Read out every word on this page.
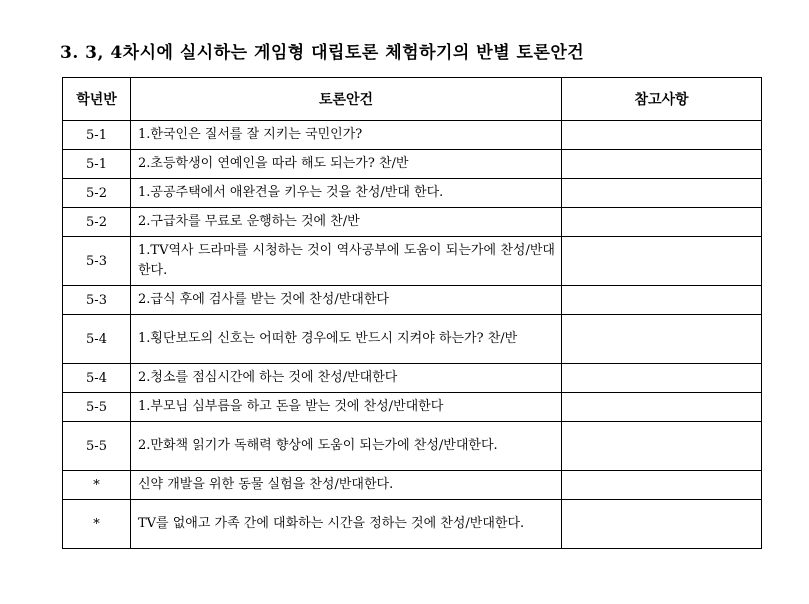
3. 3, 4차시에 실시하는 게임형 대립토론 체험하기의 반별 토론안건
학년반	토론안건	참고사항
5-1	1.한국인은 질서를 잘 지키는 국민인가?	
5-1	2.초등학생이 연예인을 따라 해도 되는가? 찬/반	
5-2	1.공공주택에서 애완견을 키우는 것을 찬성/반대 한다.	
5-2	2.구급차를 무료로 운행하는 것에 찬/반	
5-3	1.TV역사 드라마를 시청하는 것이 역사공부에 도움이 되는가에 찬성/반대한다.	
5-3	2.급식 후에 검사를 받는 것에 찬성/반대한다	
5-4	1.횡단보도의 신호는 어떠한 경우에도 반드시 지켜야 하는가? 찬/반	
5-4	2.청소를 점심시간에 하는 것에 찬성/반대한다	
5-5	1.부모님 심부름을 하고 돈을 받는 것에 찬성/반대한다	
5-5	2.만화책 읽기가 독해력 향상에 도움이 되는가에 찬성/반대한다.	
*	신약 개발을 위한 동물 실험을 찬성/반대한다.	
*	TV를 없애고 가족 간에 대화하는 시간을 정하는 것에 찬성/반대한다.	
